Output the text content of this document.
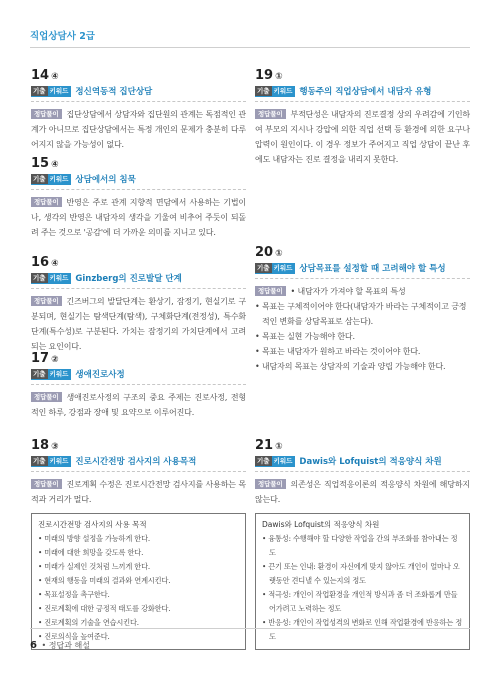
직업상담사 2급
14 ④
기출 키워드 정신역동적 집단상담
정답풀이 집단상담에서 상담자와 집단원의 관계는 독점적인 관계가 아니므로 집단상담에서는 특정 개인의 문제가 충분히 다루어지지 않을 가능성이 없다.
15 ④
기출 키워드 상담에서의 침묵
정답풀이 반영은 주로 관계 지향적 면담에서 사용하는 기법이나, 생각의 반영은 내담자의 생각을 기울여 비추어 주듯이 되돌려 주는 것으로 '공감'에 더 가까운 의미를 지니고 있다.
16 ④
기출 키워드 Ginzberg의 진로발달 단계
정답풀이 긴즈버그의 발달단계는 환상기, 잠정기, 현실기로 구분되며, 현실기는 탐색단계(탐색), 구체화단계(전정성), 특수화단계(특수성)로 구분된다. 가치는 잠정기의 가치단계에서 고려되는 요인이다.
17 ②
기출 키워드 생애진로사정
정답풀이 생애진로사정의 구조의 중요 주제는 진로사정, 전형적인 하루, 강점과 장애 및 요약으로 이루어진다.
18 ③
기출 키워드 진로시간전망 검사지의 사용목적
정답풀이 진로계획 수정은 진로시간전망 검사지를 사용하는 목적과 거리가 멀다.
진로시간전망 검사지의 사용 목적
• 미래의 방향 설정을 가능하게 한다.
• 미래에 대한 희망을 갖도록 한다.
• 미래가 실제인 것처럼 느끼게 한다.
• 현재의 행동을 미래의 결과와 연계시킨다.
• 목표설정을 촉구한다.
• 진로계획에 대한 긍정적 태도를 강화한다.
• 진로계획의 기술을 연습시킨다.
• 진로의식을 높여준다.
19 ①
기출 키워드 행동주의 직업상담에서 내담자 유형
정답풀이 부적단성은 내담자의 진로결정 상의 우려감에 기인하여 부모의 지시나 강압에 의한 직업 선택 등 환경에 의한 요구나 압력이 원인이다. 이 경우 정보가 주어지고 직업 상담이 끝난 후에도 내담자는 진로 결정을 내리지 못한다.
20 ①
기출 키워드 상담목표를 설정할 때 고려해야 할 특성
정답풀이 • 내담자가 가져야 할 목표의 특성
• 목표는 구체적이어야 한다(내담자가 바라는 구체적이고 긍정적인 변화를 상담목표로 삼는다).
• 목표는 실현 가능해야 한다.
• 목표는 내담자가 원하고 바라는 것이어야 한다.
• 내담자의 목표는 상담자의 기술과 양립 가능해야 한다.
21 ①
기출 키워드 Dawis와 Lofquist의 적응양식 차원
정답풀이 의존성은 직업적응이론의 적응양식 차원에 해당하지 않는다.
Dawis와 Lofquist의 적응양식 차원
• 융통성: 수행해야 할 다양한 작업을 간의 부조화를 참아내는 정도
• 끈기 또는 인내: 환경이 자신에게 맞지 않아도 개인이 얼마나 오랫동안 견디낼 수 있는지의 정도
• 적극성: 개인이 작업환경을 개인적 방식과 좀 더 조화롭게 만들어가려고 노력하는 정도
• 반응성: 개인이 작업성격의 변화로 인해 작업환경에 반응하는 정도
6 • 정답과 해설
